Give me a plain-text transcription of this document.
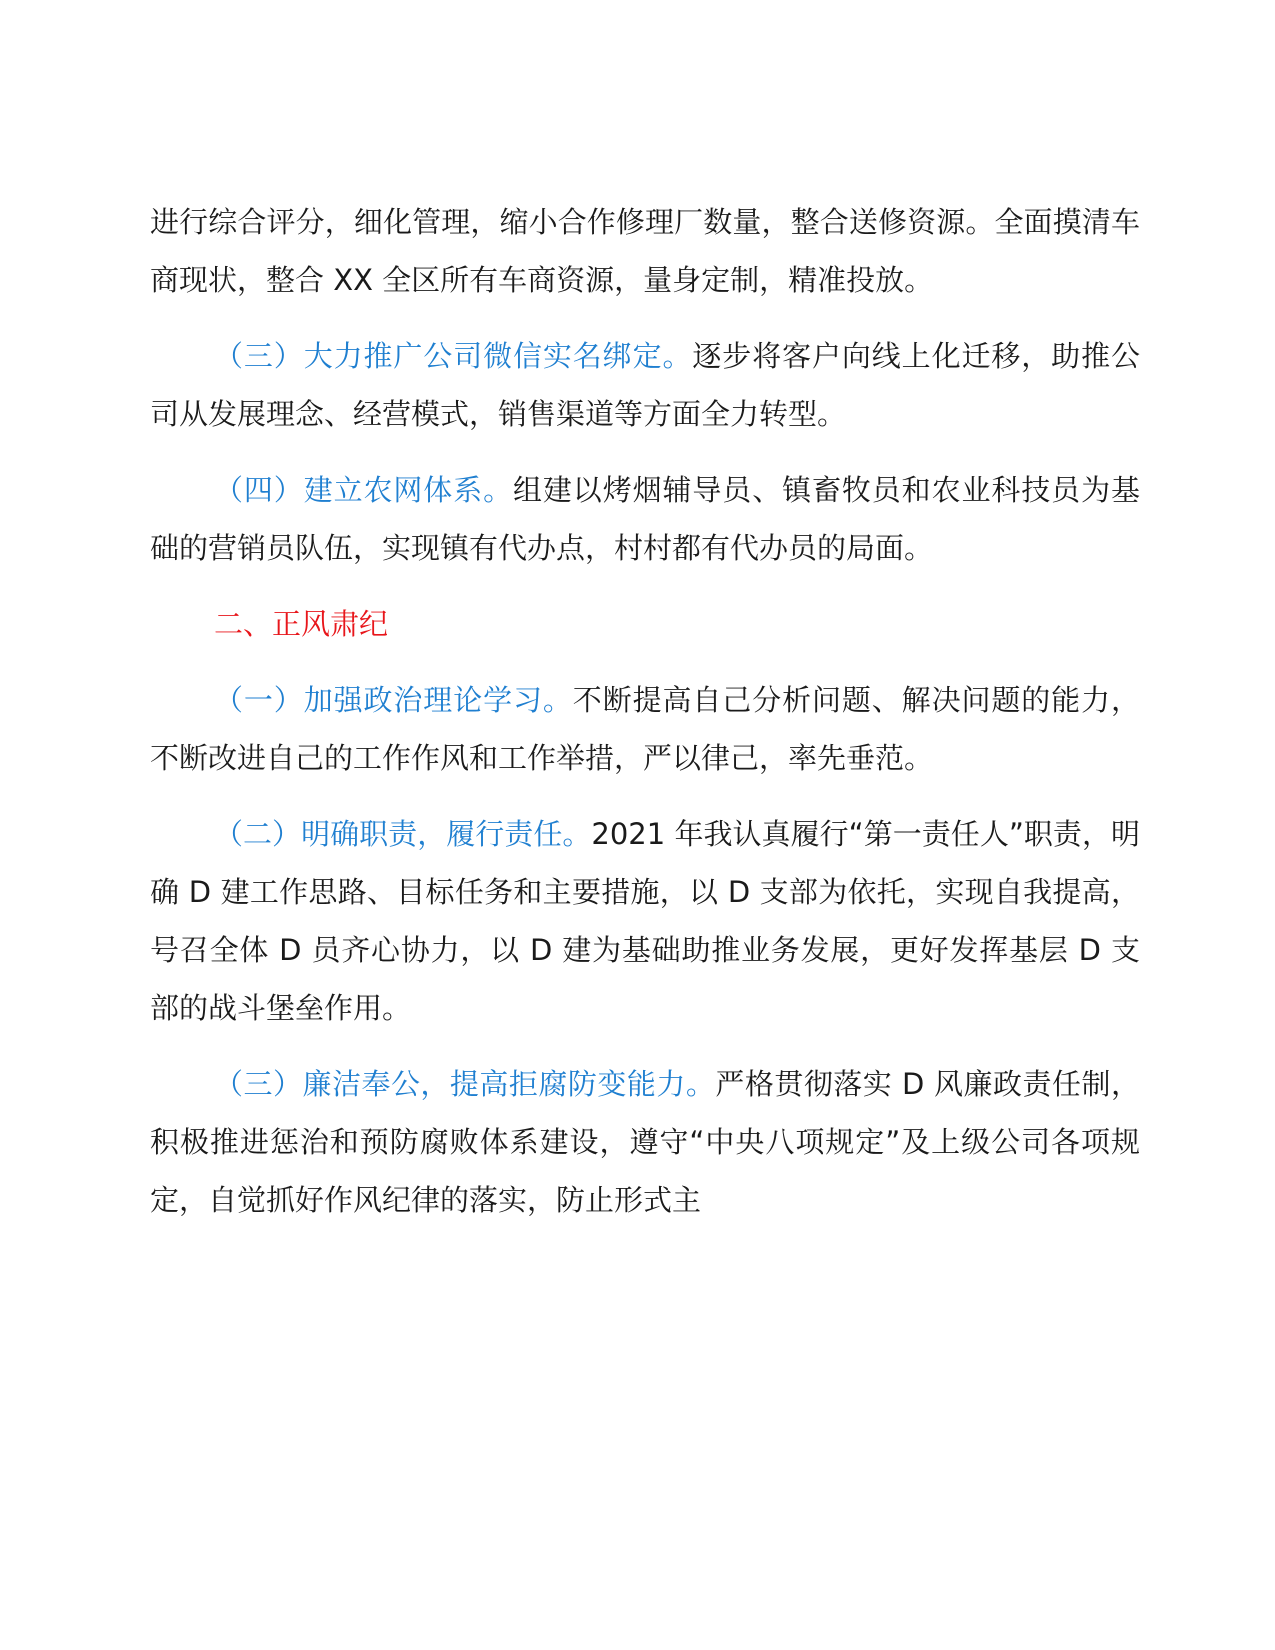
进行综合评分，细化管理，缩小合作修理厂数量，整合送修资源。全面摸清车商现状，整合 XX 全区所有车商资源，量身定制，精准投放。

（三）大力推广公司微信实名绑定。逐步将客户向线上化迁移，助推公司从发展理念、经营模式，销售渠道等方面全力转型。

（四）建立农网体系。组建以烤烟辅导员、镇畜牧员和农业科技员为基础的营销员队伍，实现镇有代办点，村村都有代办员的局面。

二、正风肃纪

（一）加强政治理论学习。不断提高自己分析问题、解决问题的能力，不断改进自己的工作作风和工作举措，严以律己，率先垂范。

（二）明确职责，履行责任。2021 年我认真履行“第一责任人”职责，明确 D 建工作思路、目标任务和主要措施，以 D 支部为依托，实现自我提高，号召全体 D 员齐心协力，以 D 建为基础助推业务发展，更好发挥基层 D 支部的战斗堡垒作用。

（三）廉洁奉公，提高拒腐防变能力。严格贯彻落实 D 风廉政责任制，积极推进惩治和预防腐败体系建设，遵守“中央八项规定”及上级公司各项规定，自觉抓好作风纪律的落实，防止形式主
